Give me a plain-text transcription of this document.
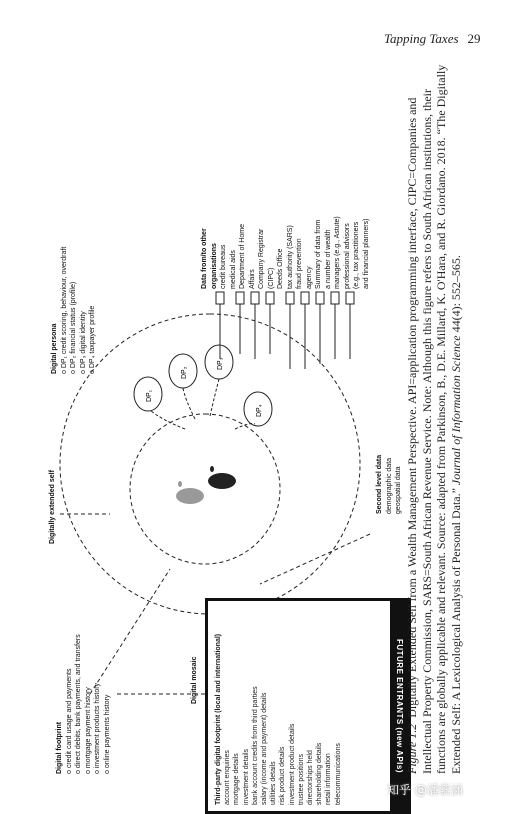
Tapping Taxes 29
DP₁
DP₂
DP₃
DP₄
Digital footprint o credit card usage and payments o direct debits, bank payments, and transfers o mortgage payment history o investment products history o online payments history
Digital mosaic
Digitally extended self
Digital persona o DP₁ credit scoring, behaviour, overdraft o DP₂ financial status (profile) o DP₃ digital identity o DP₄ taxpayer profile
Data from/to other organisations credit bureaus medical aids Department of Home Affairs Company Registrar (CIPC) Deeds Office tax authority (SARS) fraud prevention agency Summary of data from a number of wealth managers (e.g., Astute) professional advisors (e.g., tax practitioners and financial planners)
Second level data demographic data geospatial data
Third-party digital footprint (local and international) account enquiries mortgage details investment details bank account credits from third parties salary (income and payment) details utilities details risk product details investment product details trustee positions directorships held shareholding details retail information telecommunications
FUTURE ENTRANTS (new APIs) Figure 1.2  Digitally Extended Self from a Wealth Management Perspective. API=application programming interface, CIPC=Companies and Intellectual Property Commission, SARS=South African Revenue Service. Note: Although this figure refers to South African institutions, their functions are globally applicable and relevant. Source: adapted from Parkinson, B., D.E. Millard, K. O'Hara, and R. Giordano. 2018. “The Digitally Extended Self: A Lexicological Analysis of Personal Data.” Journal of Information Science 44(4): 552–565.
知乎 @潘紫涵
